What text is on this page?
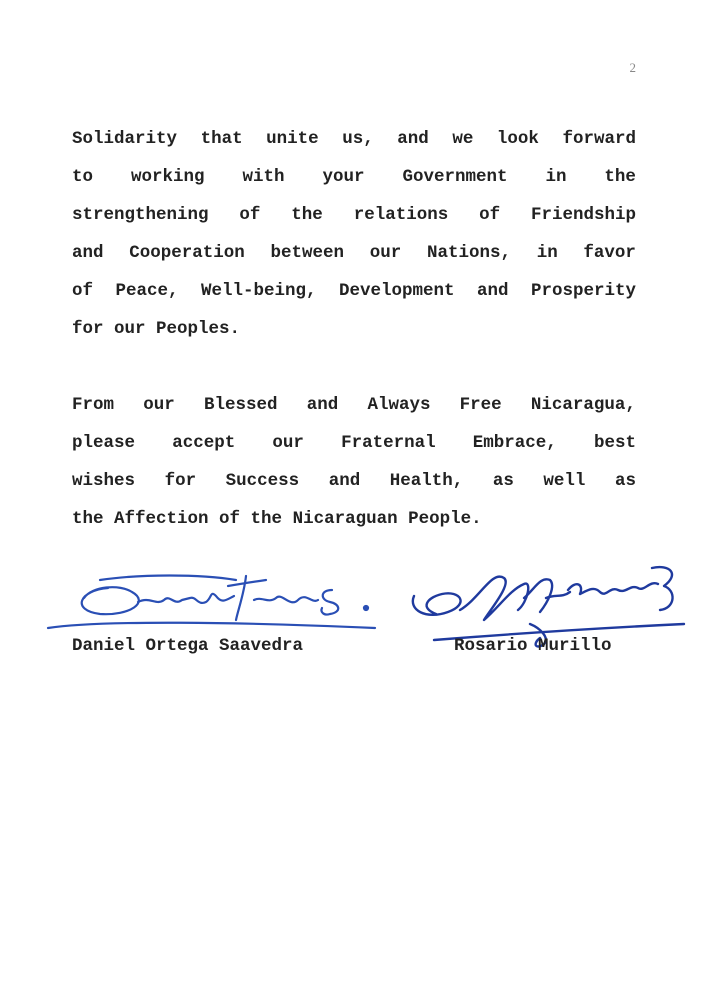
2
Solidarity that unite us, and we look forward
to working with your Government in the
strengthening of the relations of Friendship
and Cooperation between our Nations, in favor
of Peace, Well-being, Development and Prosperity
for our Peoples.
From our Blessed and Always Free Nicaragua,
please accept our Fraternal Embrace, best
wishes for Success and Health, as well as
the Affection of the Nicaraguan People.
Daniel Ortega Saavedra	Rosario Murillo
